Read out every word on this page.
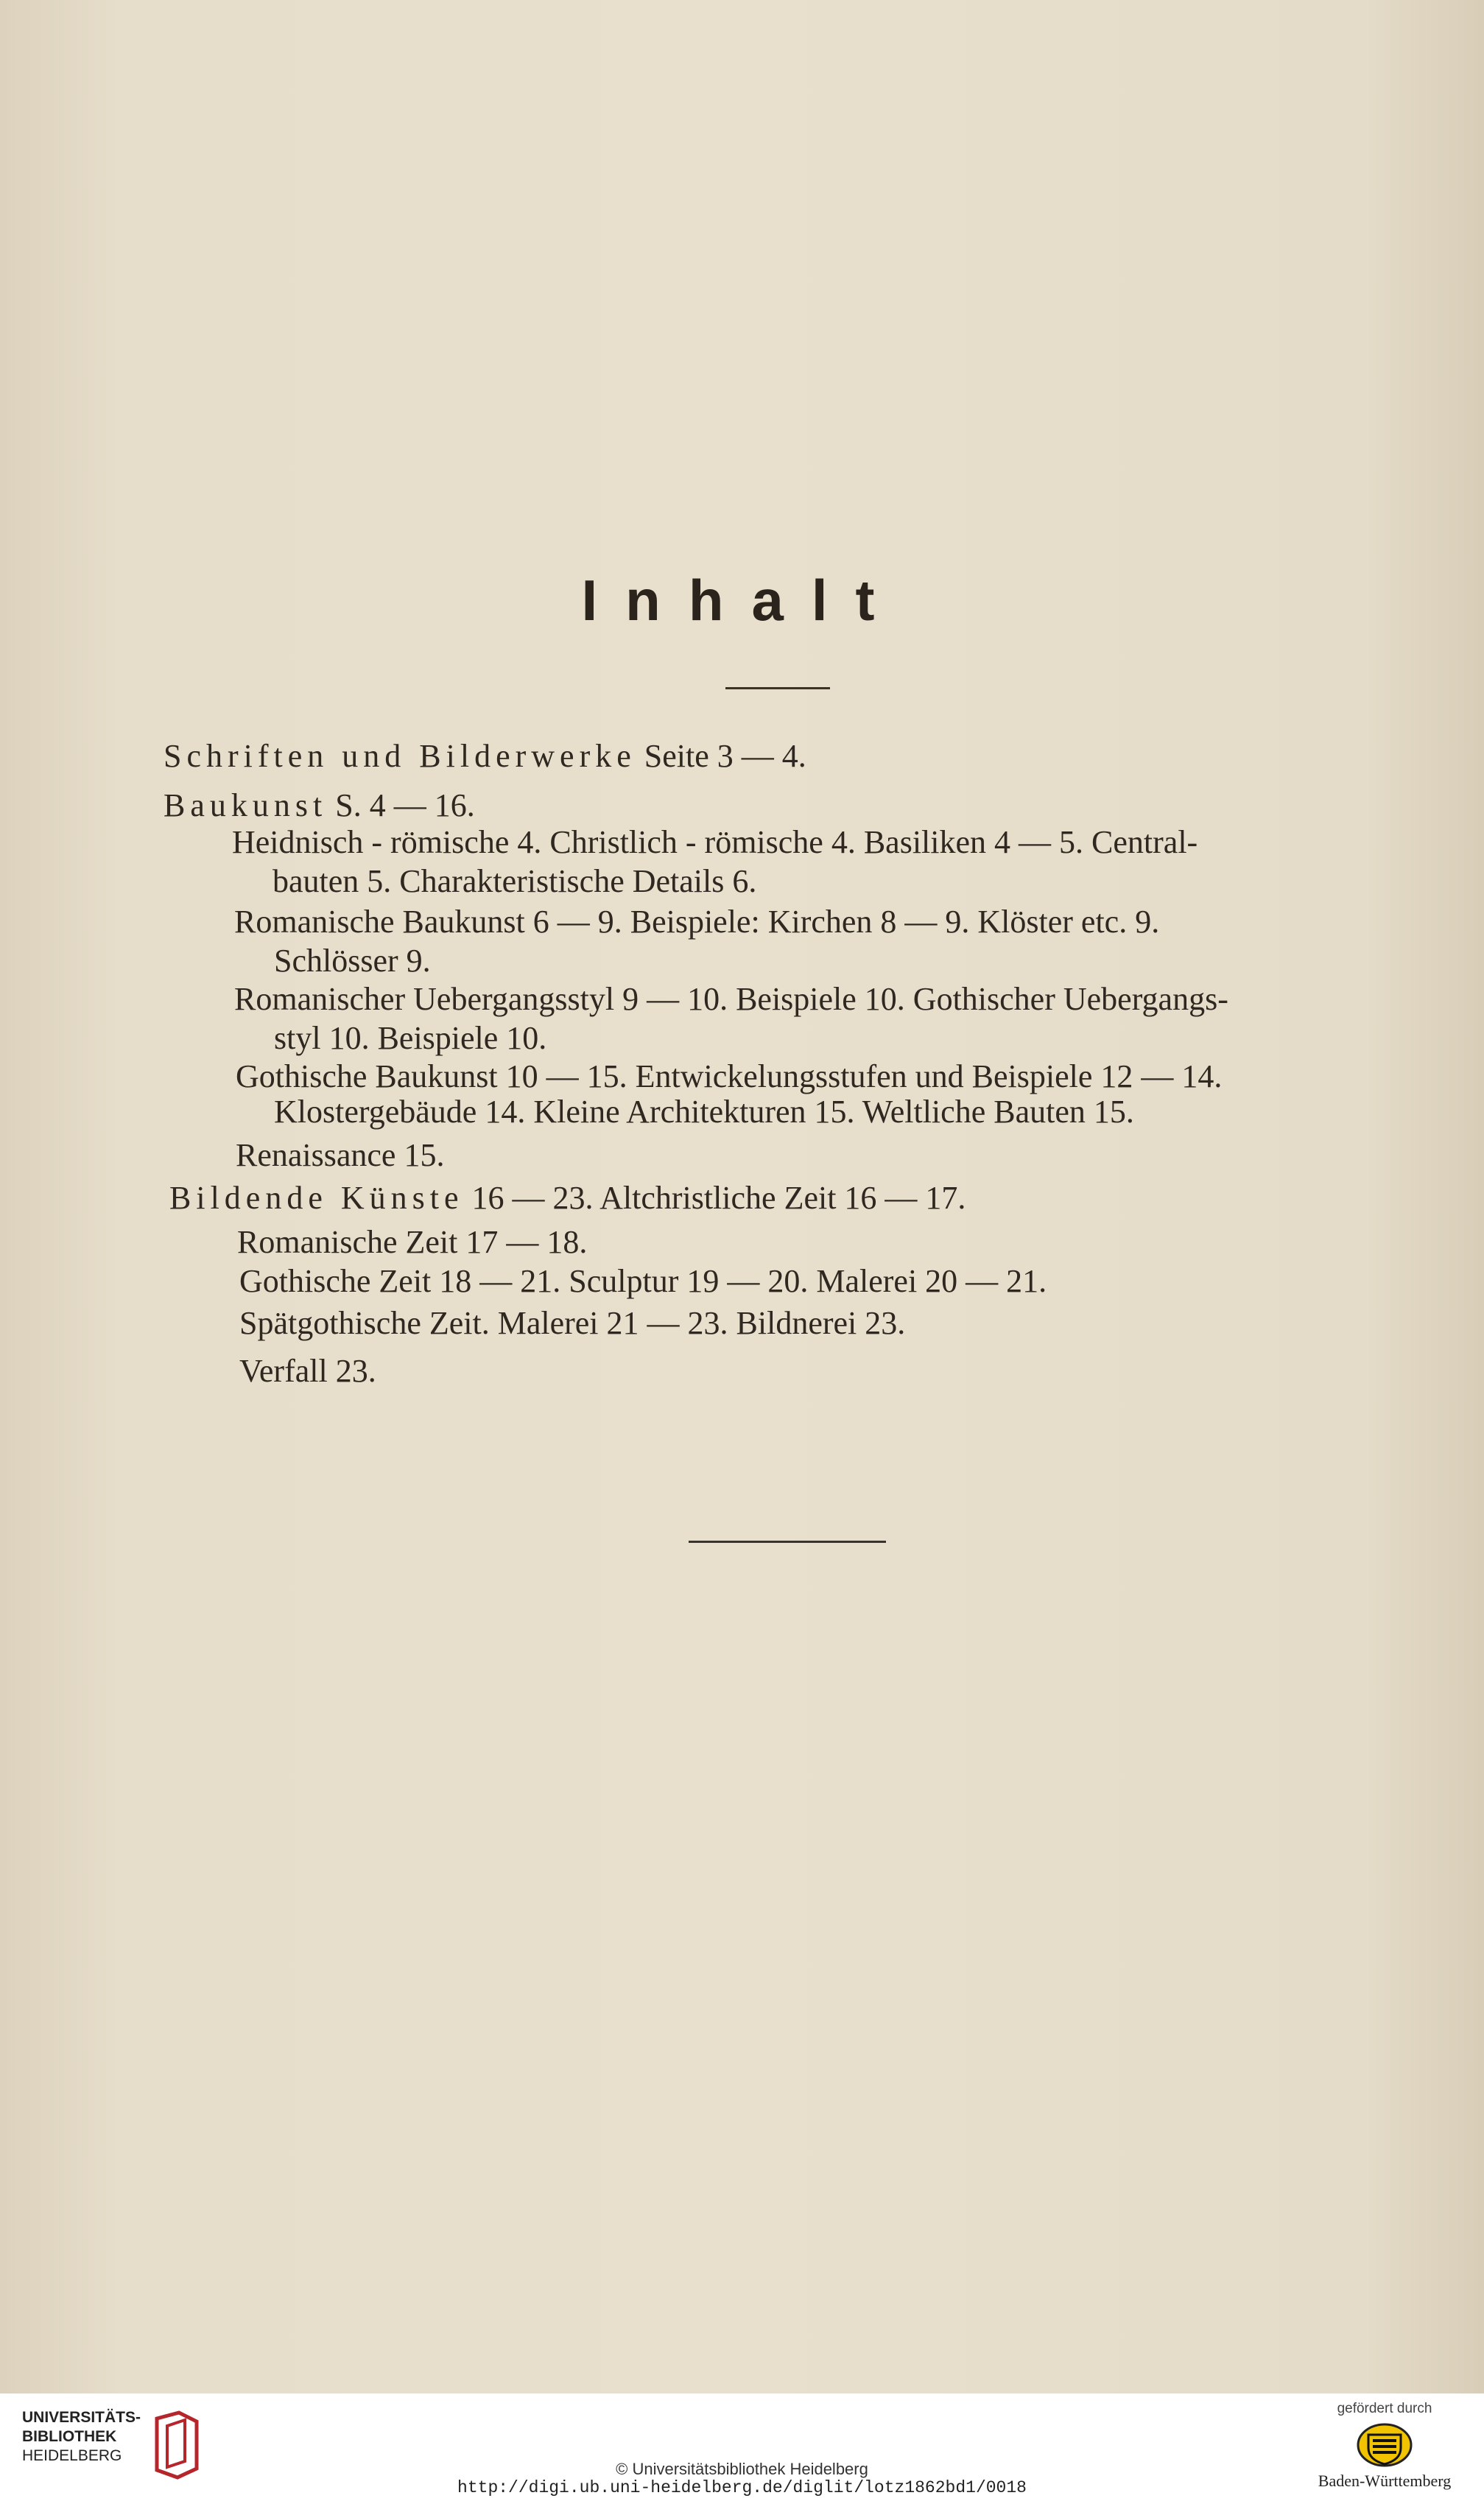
Inhalt
Schriften und Bilderwerke Seite 3 — 4.
Baukunst S. 4 — 16.
Heidnisch - römische 4. Christlich - römische 4. Basiliken 4 — 5. Central-
bauten 5. Charakteristische Details 6.
Romanische Baukunst 6 — 9. Beispiele: Kirchen 8 — 9. Klöster etc. 9.
Schlösser 9.
Romanischer Uebergangsstyl 9 — 10. Beispiele 10. Gothischer Uebergangs-
styl 10. Beispiele 10.
Gothische Baukunst 10 — 15. Entwickelungsstufen und Beispiele 12 — 14.
Klostergebäude 14. Kleine Architekturen 15. Weltliche Bauten 15.
Renaissance 15.
Bildende Künste 16 — 23. Altchristliche Zeit 16 — 17.
Romanische Zeit 17 — 18.
Gothische Zeit 18 — 21. Sculptur 19 — 20. Malerei 20 — 21.
Spätgothische Zeit. Malerei 21 — 23. Bildnerei 23.
Verfall 23.
UNIVERSITÄTS-
BIBLIOTHEK
HEIDELBERG
© Universitätsbibliothek Heidelberg
http://digi.ub.uni-heidelberg.de/diglit/lotz1862bd1/0018
gefördert durch
Baden-Württemberg
